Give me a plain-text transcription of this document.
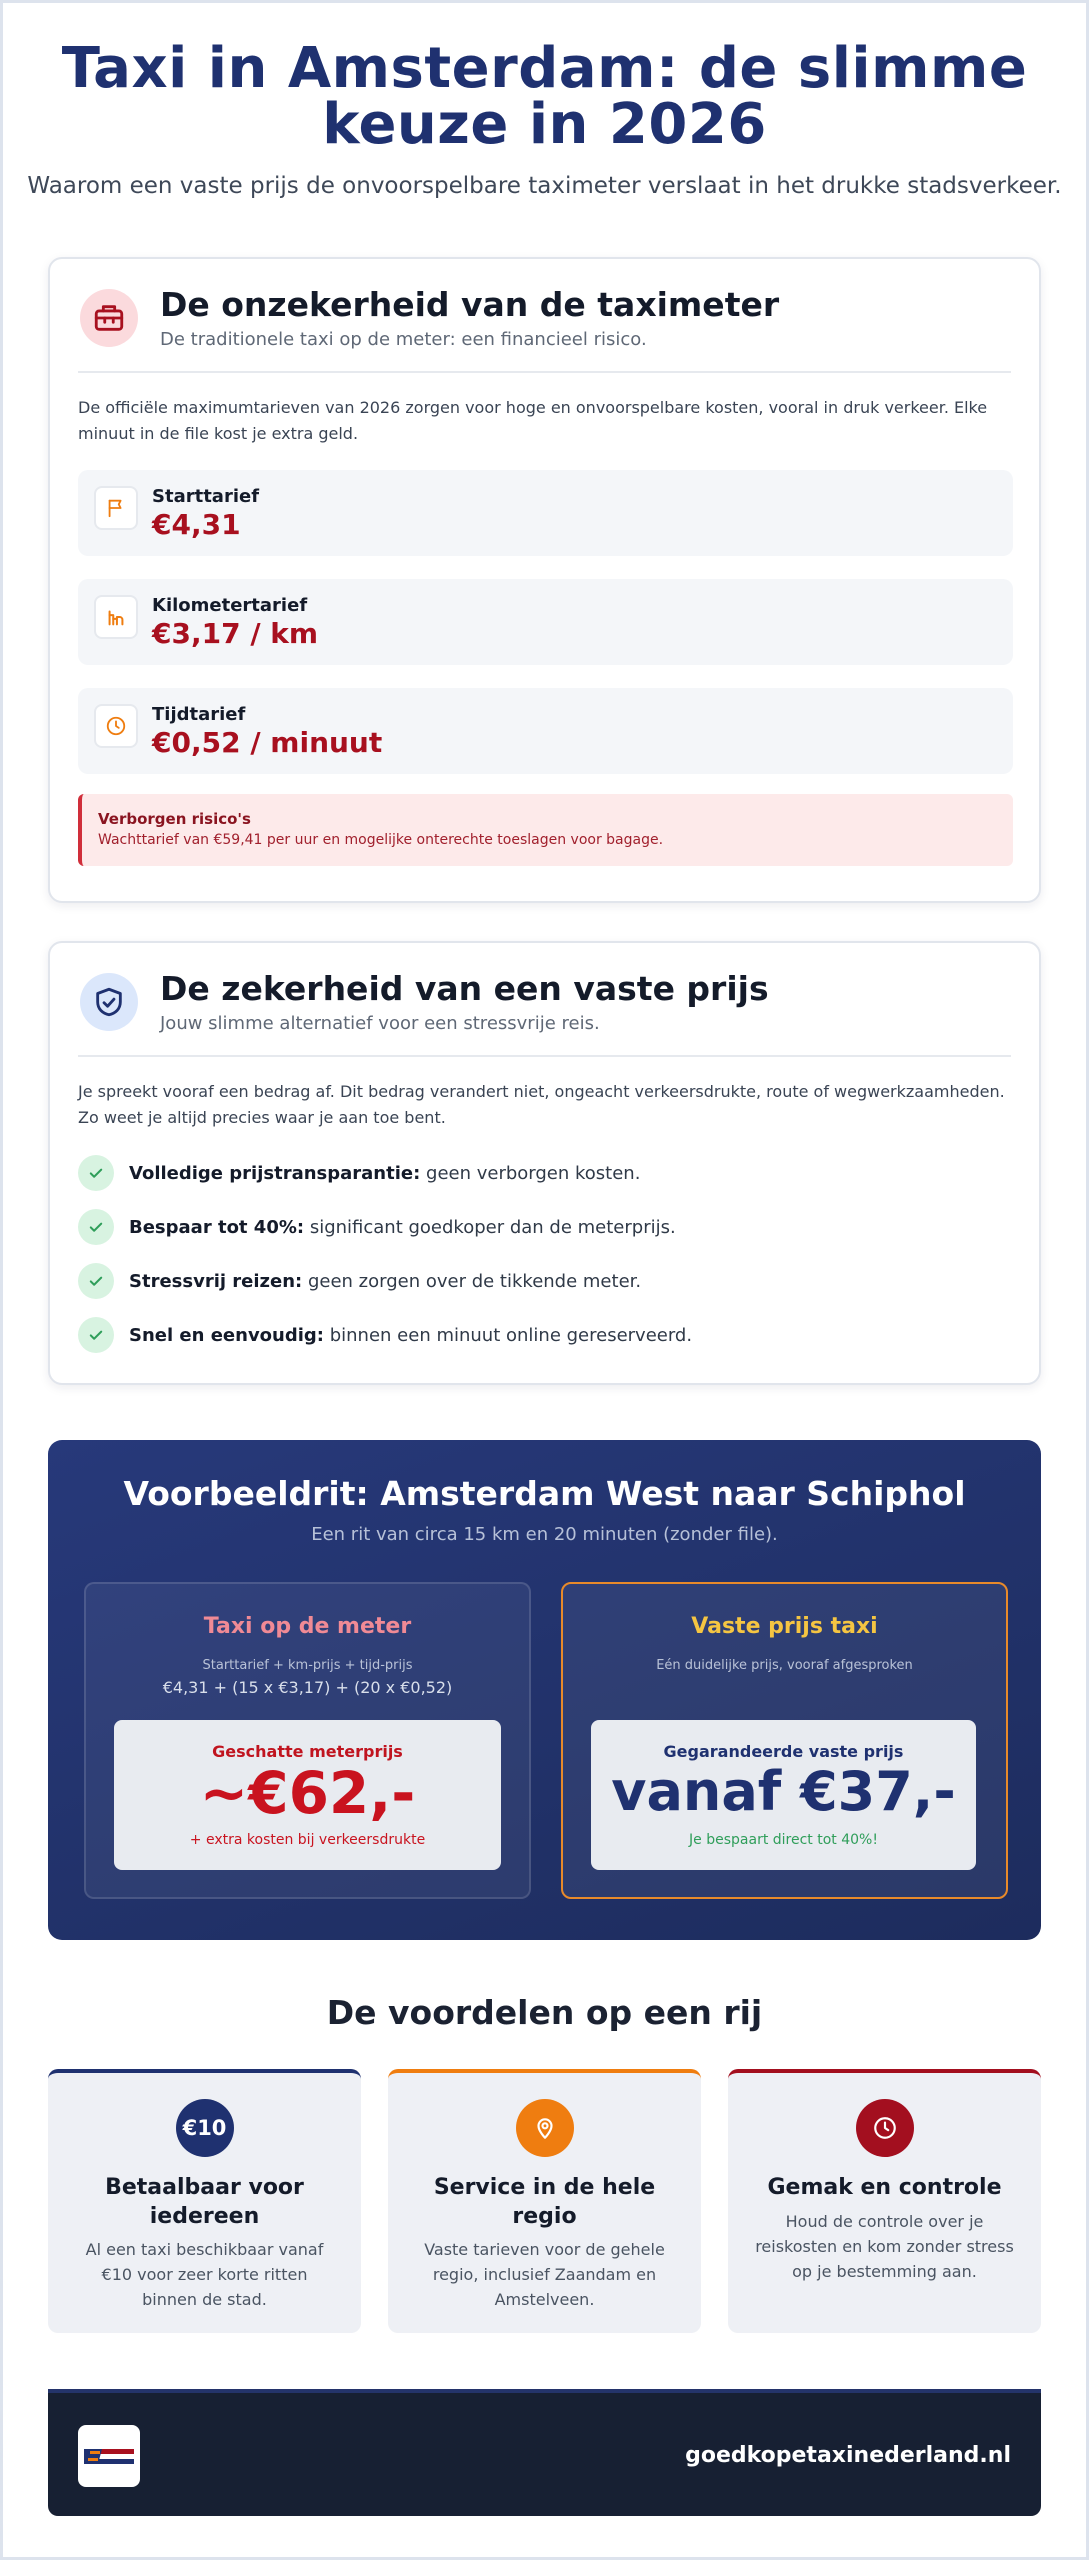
Taxi in Amsterdam: de slimme keuze in 2026

Waarom een vaste prijs de onvoorspelbare taximeter verslaat in het drukke stadsverkeer.

De onzekerheid van de taximeter

De traditionele taxi op de meter: een financieel risico.

De officiële maximumtarieven van 2026 zorgen voor hoge en onvoorspelbare kosten, vooral in druk verkeer. Elke minuut in de file kost je extra geld.

Starttarief
€4,31
Kilometertarief
€3,17 / km
Tijdtarief
€0,52 / minuut
Verborgen risico's
Wachttarief van €59,41 per uur en mogelijke onterechte toeslagen voor bagage.
De zekerheid van een vaste prijs

Jouw slimme alternatief voor een stressvrije reis.

Je spreekt vooraf een bedrag af. Dit bedrag verandert niet, ongeacht verkeersdrukte, route of wegwerkzaamheden. Zo weet je altijd precies waar je aan toe bent.

Volledige prijstransparantie: geen verborgen kosten.
Bespaar tot 40%: significant goedkoper dan de meterprijs.
Stressvrij reizen: geen zorgen over de tikkende meter.
Snel en eenvoudig: binnen een minuut online gereserveerd.
Voorbeeldrit: Amsterdam West naar Schiphol
Een rit van circa 15 km en 20 minuten (zonder file).
Taxi op de meter
Starttarief + km-prijs + tijd-prijs
€4,31 + (15 x €3,17) + (20 x €0,52)
Geschatte meterprijs
~€62,-
+ extra kosten bij verkeersdrukte
Vaste prijs taxi
Eén duidelijke prijs, vooraf afgesproken
Gegarandeerde vaste prijs
vanaf €37,-
Je bespaart direct tot 40%!
De voordelen op een rij
€10
Betaalbaar voor iedereen
Al een taxi beschikbaar vanaf €10 voor zeer korte ritten binnen de stad.
Service in de hele regio
Vaste tarieven voor de gehele regio, inclusief Zaandam en Amstelveen.
Gemak en controle
Houd de controle over je reiskosten en kom zonder stress op je bestemming aan.
goedkopetaxinederland.nl
